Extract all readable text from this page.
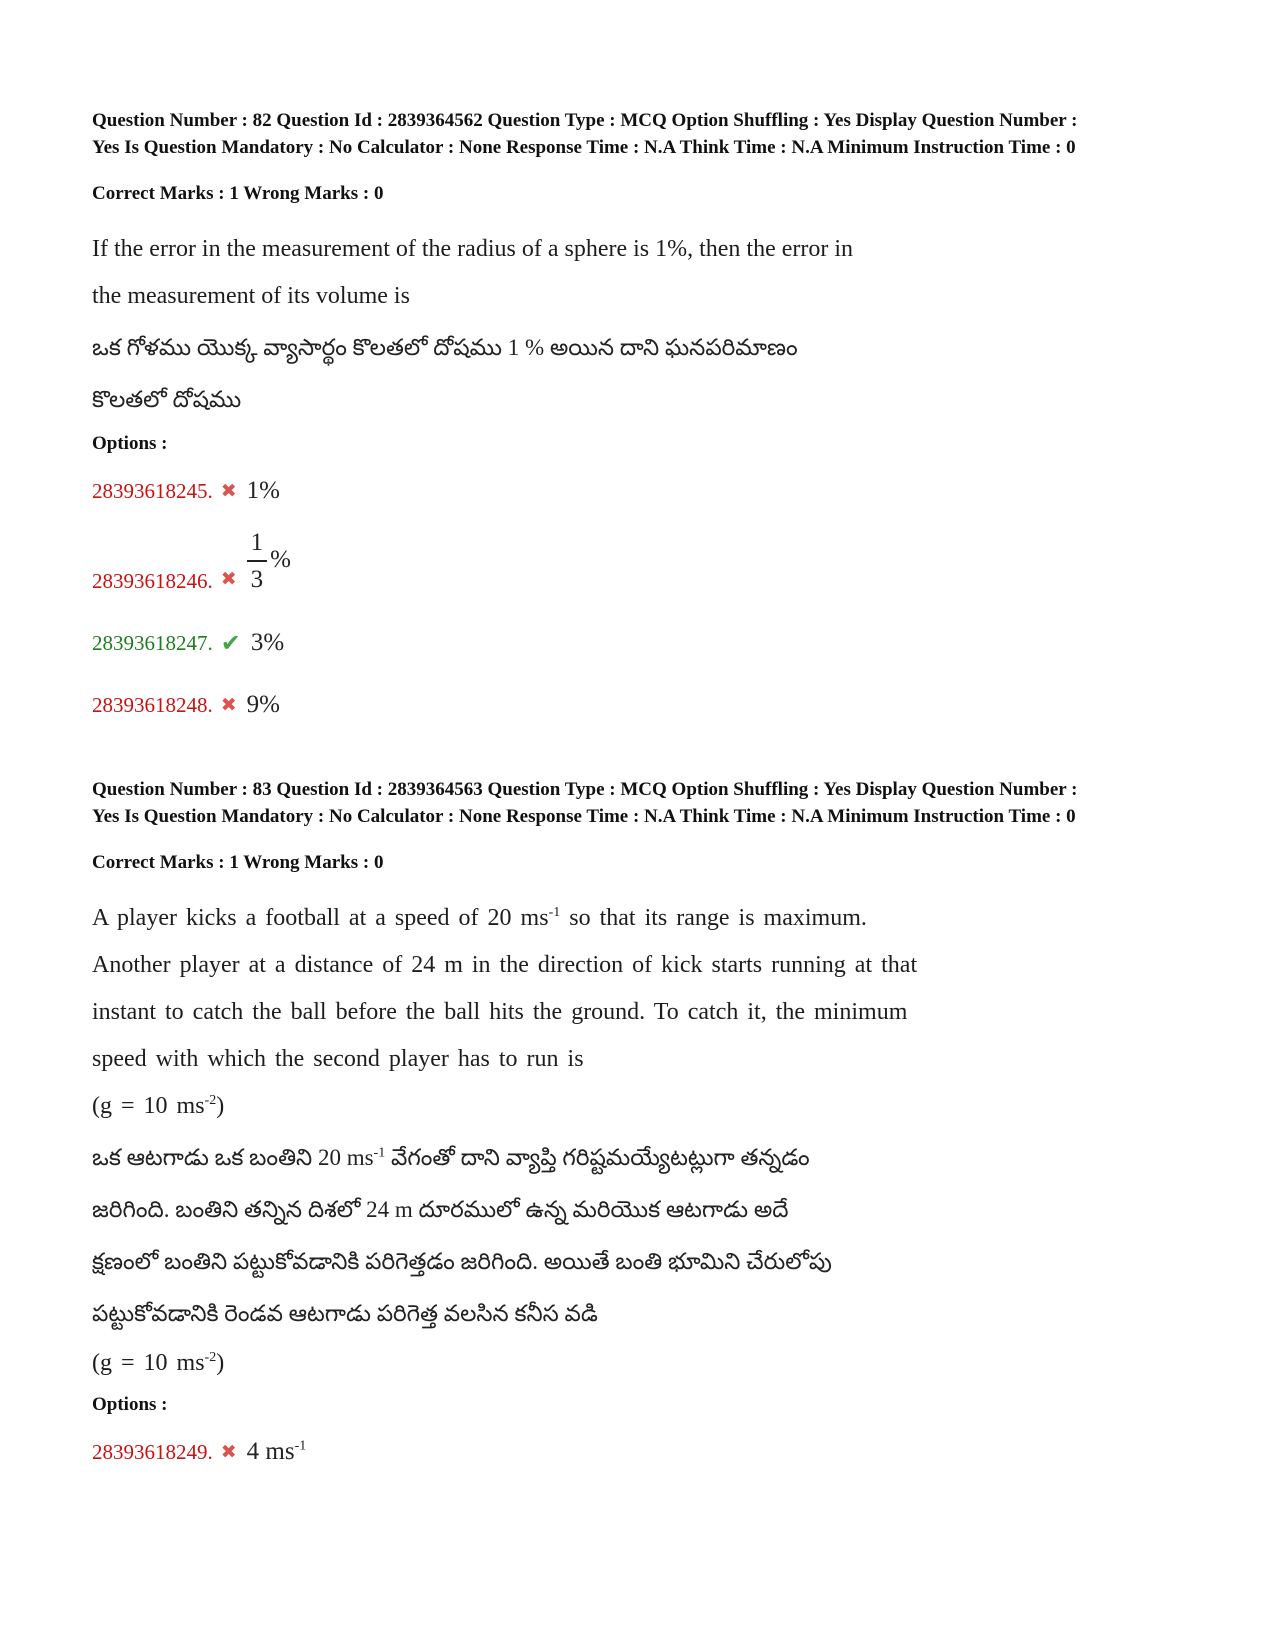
Question Number : 82 Question Id : 2839364562 Question Type : MCQ Option Shuffling : Yes Display Question Number : Yes Is Question Mandatory : No Calculator : None Response Time : N.A Think Time : N.A Minimum Instruction Time : 0

Correct Marks : 1 Wrong Marks : 0

If the error in the measurement of the radius of a sphere is 1%, then the error in
the measurement of its volume is
ఒక గోళము యొక్క వ్యాసార్థం కొలతలో దోషము 1 % అయిన దాని ఘనపరిమాణం
కొలతలో దోషము

Options :

28393618245. ✖ 1%
28393618246. ✖ $\frac{1}{3}$ %
28393618247. ✔ 3%
28393618248. ✖ 9%

Question Number : 83 Question Id : 2839364563 Question Type : MCQ Option Shuffling : Yes Display Question Number : Yes Is Question Mandatory : No Calculator : None Response Time : N.A Think Time : N.A Minimum Instruction Time : 0

Correct Marks : 1 Wrong Marks : 0

A player kicks a football at a speed of 20 $ms^{-1}$ so that its range is maximum.
Another player at a distance of 24 m in the direction of kick starts running at that
instant to catch the ball before the ball hits the ground. To catch it, the minimum
speed with which the second player has to run is
(g = 10 $ms^{-2}$)
ఒక ఆటగాడు ఒక బంతిని 20 $ms^{-1}$ వేగంతో దాని వ్యాప్తి గరిష్టమయ్యేటట్లుగా తన్నడం
జరిగింది. బంతిని తన్నిన దిశలో 24 m దూరములో ఉన్న మరియొక ఆటగాడు అదే
క్షణంలో బంతిని పట్టుకోవడానికి పరిగెత్తడం జరిగింది. అయితే బంతి భూమిని చేరులోపు
పట్టుకోవడానికి రెండవ ఆటగాడు పరిగెత్త వలసిన కనీస వడి
(g = 10 $ms^{-2}$)

Options :

28393618249. ✖ 4 $ms^{-1}$
